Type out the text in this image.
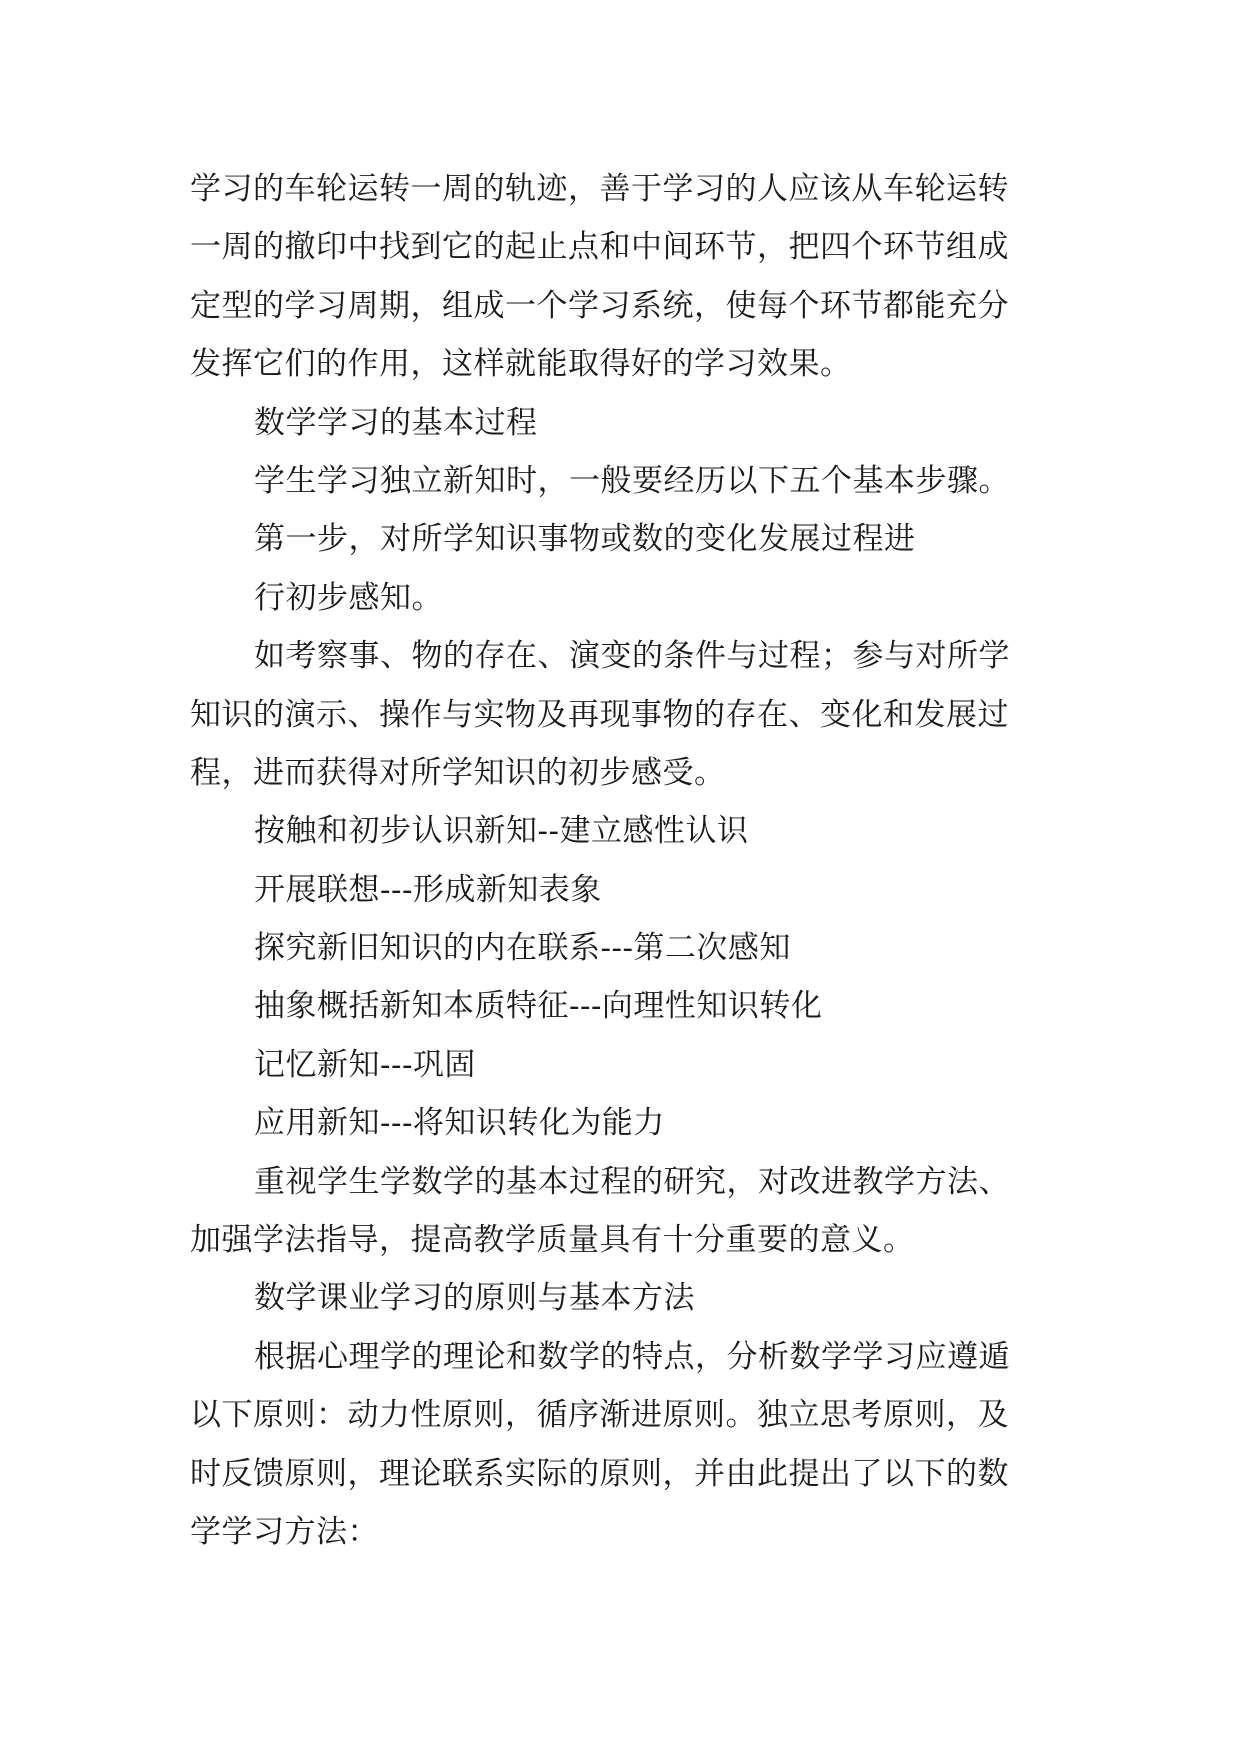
学习的车轮运转一周的轨迹，善于学习的人应该从车轮运转
一周的撤印中找到它的起止点和中间环节，把四个环节组成
定型的学习周期，组成一个学习系统，使每个环节都能充分
发挥它们的作用，这样就能取得好的学习效果。
数学学习的基本过程
学生学习独立新知时，一般要经历以下五个基本步骤。
第一步，对所学知识事物或数的变化发展过程进
行初步感知。
如考察事、物的存在、演变的条件与过程；参与对所学
知识的演示、操作与实物及再现事物的存在、变化和发展过
程，进而获得对所学知识的初步感受。
按触和初步认识新知--建立感性认识
开展联想---形成新知表象
探究新旧知识的内在联系---第二次感知
抽象概括新知本质特征---向理性知识转化
记忆新知---巩固
应用新知---将知识转化为能力
重视学生学数学的基本过程的研究，对改进教学方法、
加强学法指导，提高教学质量具有十分重要的意义。
数学课业学习的原则与基本方法
根据心理学的理论和数学的特点，分析数学学习应遵遁
以下原则：动力性原则，循序渐进原则。独立思考原则，及
时反馈原则，理论联系实际的原则，并由此提出了以下的数
学学习方法：
